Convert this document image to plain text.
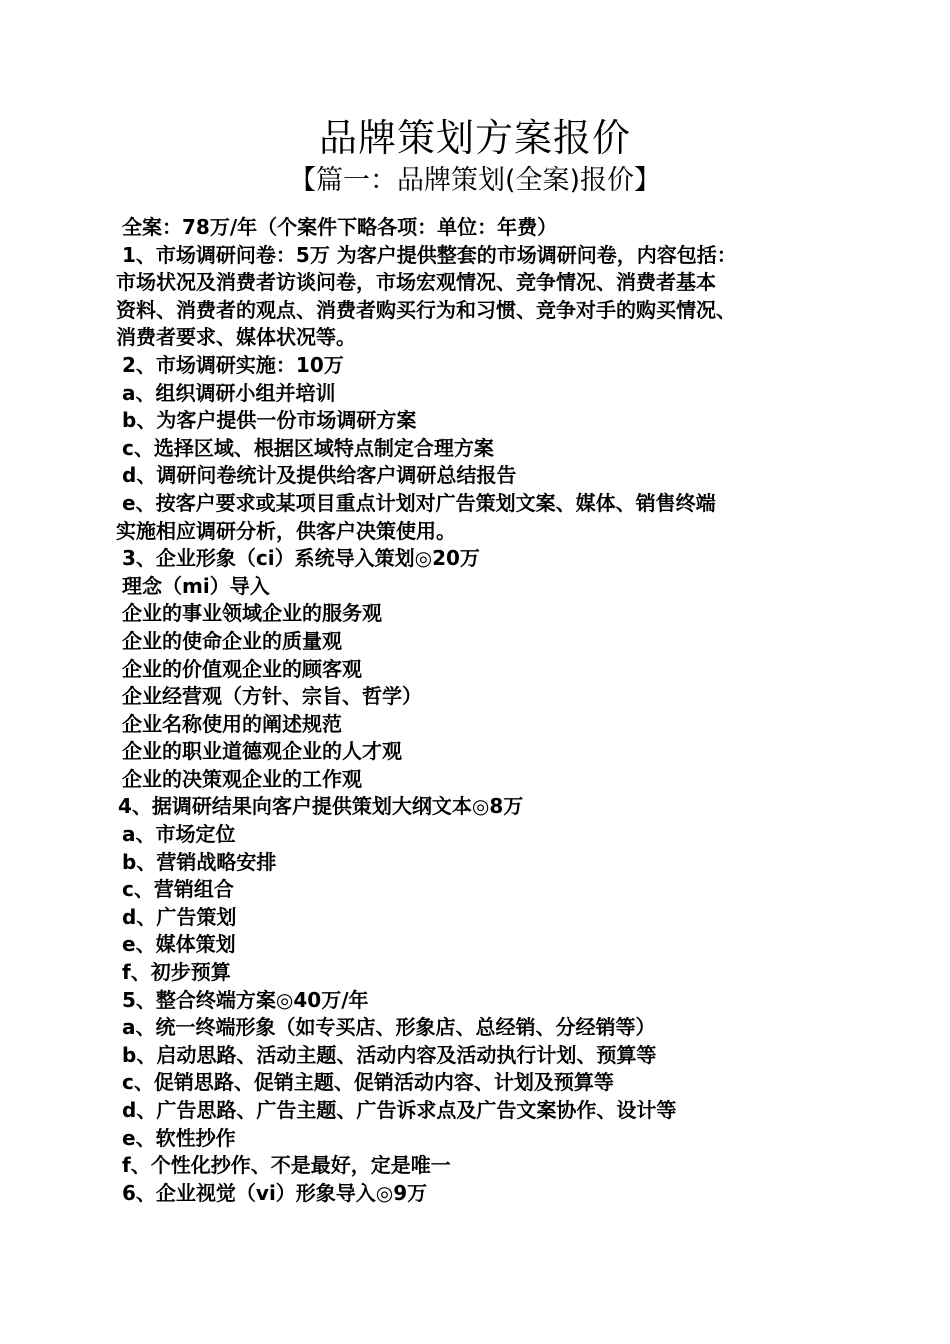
品牌策划方案报价
【篇一：品牌策划(全案)报价】
全案：78万/年（个案件下略各项：单位：年费）
1、市场调研问卷：5万 为客户提供整套的市场调研问卷，内容包括：
市场状况及消费者访谈问卷，市场宏观情况、竞争情况、消费者基本
资料、消费者的观点、消费者购买行为和习惯、竞争对手的购买情况、
消费者要求、媒体状况等。
2、市场调研实施：10万
a、组织调研小组并培训
b、为客户提供一份市场调研方案
c、选择区域、根据区域特点制定合理方案
d、调研问卷统计及提供给客户调研总结报告
e、按客户要求或某项目重点计划对广告策划文案、媒体、销售终端
实施相应调研分析，供客户决策使用。
3、企业形象（ci）系统导入策划◎20万
理念（mi）导入
企业的事业领域企业的服务观
企业的使命企业的质量观
企业的价值观企业的顾客观
企业经营观（方针、宗旨、哲学）
企业名称使用的阐述规范
企业的职业道德观企业的人才观
企业的决策观企业的工作观
4、据调研结果向客户提供策划大纲文本◎8万
a、市场定位
b、营销战略安排
c、营销组合
d、广告策划
e、媒体策划
f、初步预算
5、整合终端方案◎40万/年
a、统一终端形象（如专买店、形象店、总经销、分经销等）
b、启动思路、活动主题、活动内容及活动执行计划、预算等
c、促销思路、促销主题、促销活动内容、计划及预算等
d、广告思路、广告主题、广告诉求点及广告文案协作、设计等
e、软性抄作
f、个性化抄作、不是最好，定是唯一
6、企业视觉（vi）形象导入◎9万
